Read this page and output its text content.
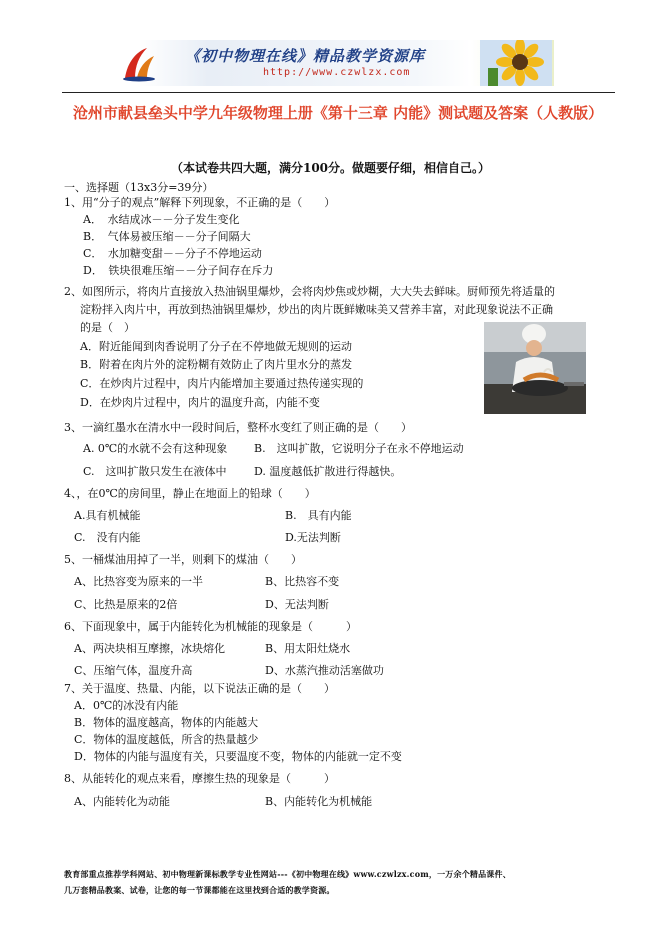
《初中物理在线》精品教学资源库
http://www.czwlzx.com
沧州市献县垒头中学九年级物理上册《第十三章 内能》测试题及答案（人教版）
（本试卷共四大题，满分100分。做题要仔细，相信自己。）
一、选择题（13x3分=39分）
1、用“分子的观点”解释下列现象，不正确的是（　　）
A．　水结成冰－－分子发生变化
B．　气体易被压缩－－分子间隔大
C．　水加糖变甜－－分子不停地运动
D．　铁块很难压缩－－分子间存在斥力
2、如图所示，将肉片直接放入热油锅里爆炒，会将肉炒焦或炒糊，大大失去鲜味。厨师预先将适量的
淀粉拌入肉片中，再放到热油锅里爆炒，炒出的肉片既鲜嫩味美又营养丰富，对此现象说法不正确
的是（　）
A．附近能闻到肉香说明了分子在不停地做无规则的运动
B．附着在肉片外的淀粉糊有效防止了肉片里水分的蒸发
C．在炒肉片过程中，肉片内能增加主要通过热传递实现的
D．在炒肉片过程中，肉片的温度升高，内能不变
3、一滴红墨水在清水中一段时间后，整杯水变红了则正确的是（　　）
A. 0℃的水就不会有这种现象 B.　这叫扩散，它说明分子在永不停地运动
C.　这叫扩散只发生在液体中 D. 温度越低扩散进行得越快。
4、，在0℃的房间里，静止在地面上的铅球（　　）
A.具有机械能	B.　具有内能
C.　没有内能	D.无法判断
5、一桶煤油用掉了一半，则剩下的煤油（　　）
A、比热容变为原来的一半	B、比热容不变
C、比热是原来的2倍	D、无法判断
6、下面现象中，属于内能转化为机械能的现象是（　　　）
A、两决块相互摩擦，冰块熔化	B、用太阳灶烧水
C、压缩气体，温度升高	D、水蒸汽推动活塞做功
7、关于温度、热量、内能，以下说法正确的是（　　）
A．0℃的冰没有内能
B．物体的温度越高，物体的内能越大
C．物体的温度越低，所含的热量越少
D．物体的内能与温度有关，只要温度不变，物体的内能就一定不变
8、从能转化的观点来看，摩擦生热的现象是（　　　）
A、内能转化为动能	B、内能转化为机械能
教育部重点推荐学科网站、初中物理新课标教学专业性网站---《初中物理在线》www.czwlzx.com，一万余个精品课件、
几万套精品教案、试卷，让您的每一节课都能在这里找到合适的教学资源。
